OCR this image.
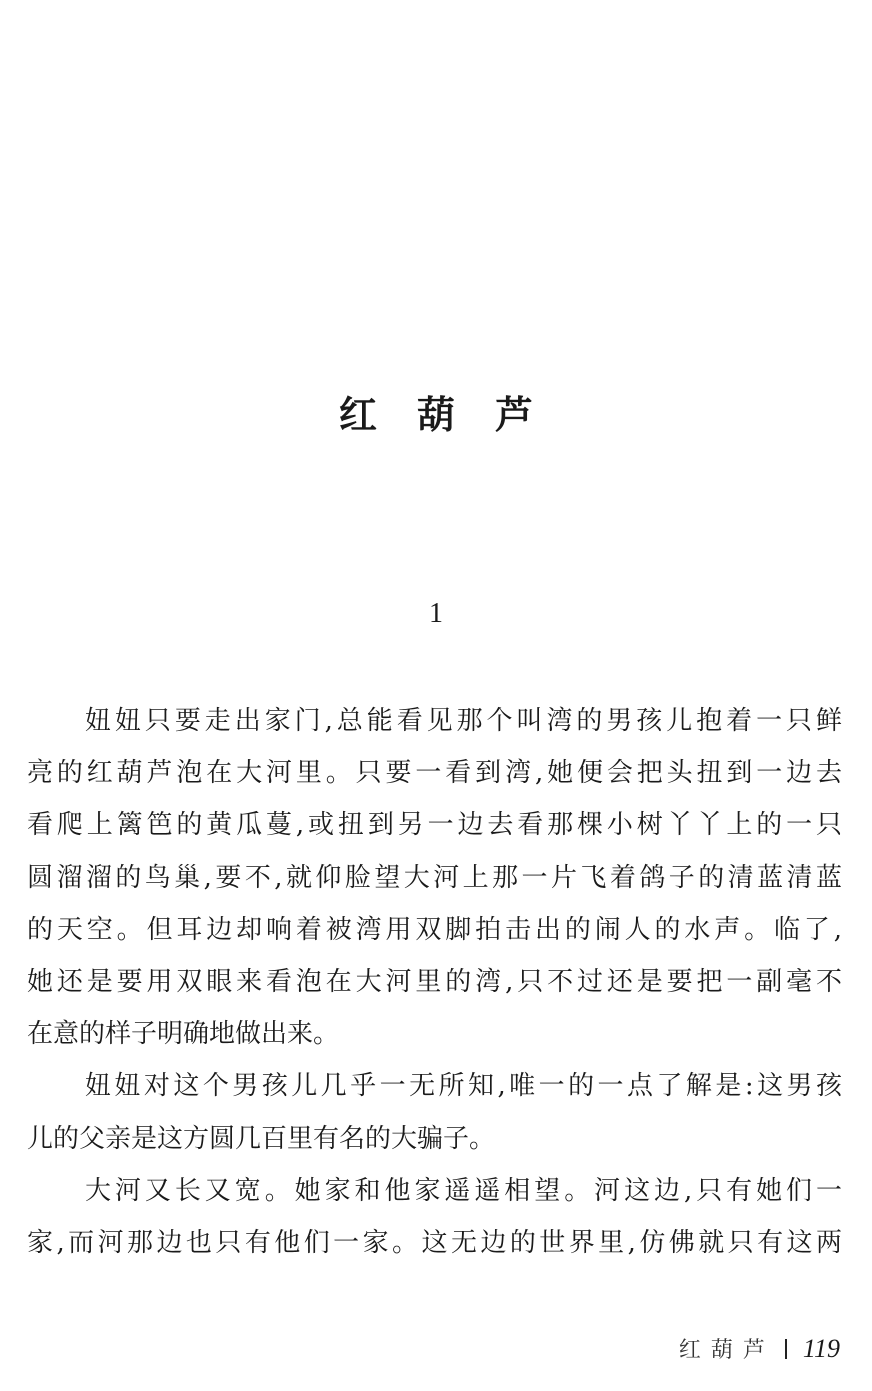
红 葫 芦
1
妞妞只要走出家门,总能看见那个叫湾的男孩儿抱着一只鲜
亮的红葫芦泡在大河里。只要一看到湾,她便会把头扭到一边去
看爬上篱笆的黄瓜蔓,或扭到另一边去看那棵小树丫丫上的一只
圆溜溜的鸟巢,要不,就仰脸望大河上那一片飞着鸽子的清蓝清蓝
的天空。但耳边却响着被湾用双脚拍击出的闹人的水声。临了,
她还是要用双眼来看泡在大河里的湾,只不过还是要把一副毫不
在意的样子明确地做出来。
妞妞对这个男孩儿几乎一无所知,唯一的一点了解是:这男孩
儿的父亲是这方圆几百里有名的大骗子。
大河又长又宽。她家和他家遥遥相望。河这边,只有她们一
家,而河那边也只有他们一家。这无边的世界里,仿佛就只有这两
红葫芦 119
